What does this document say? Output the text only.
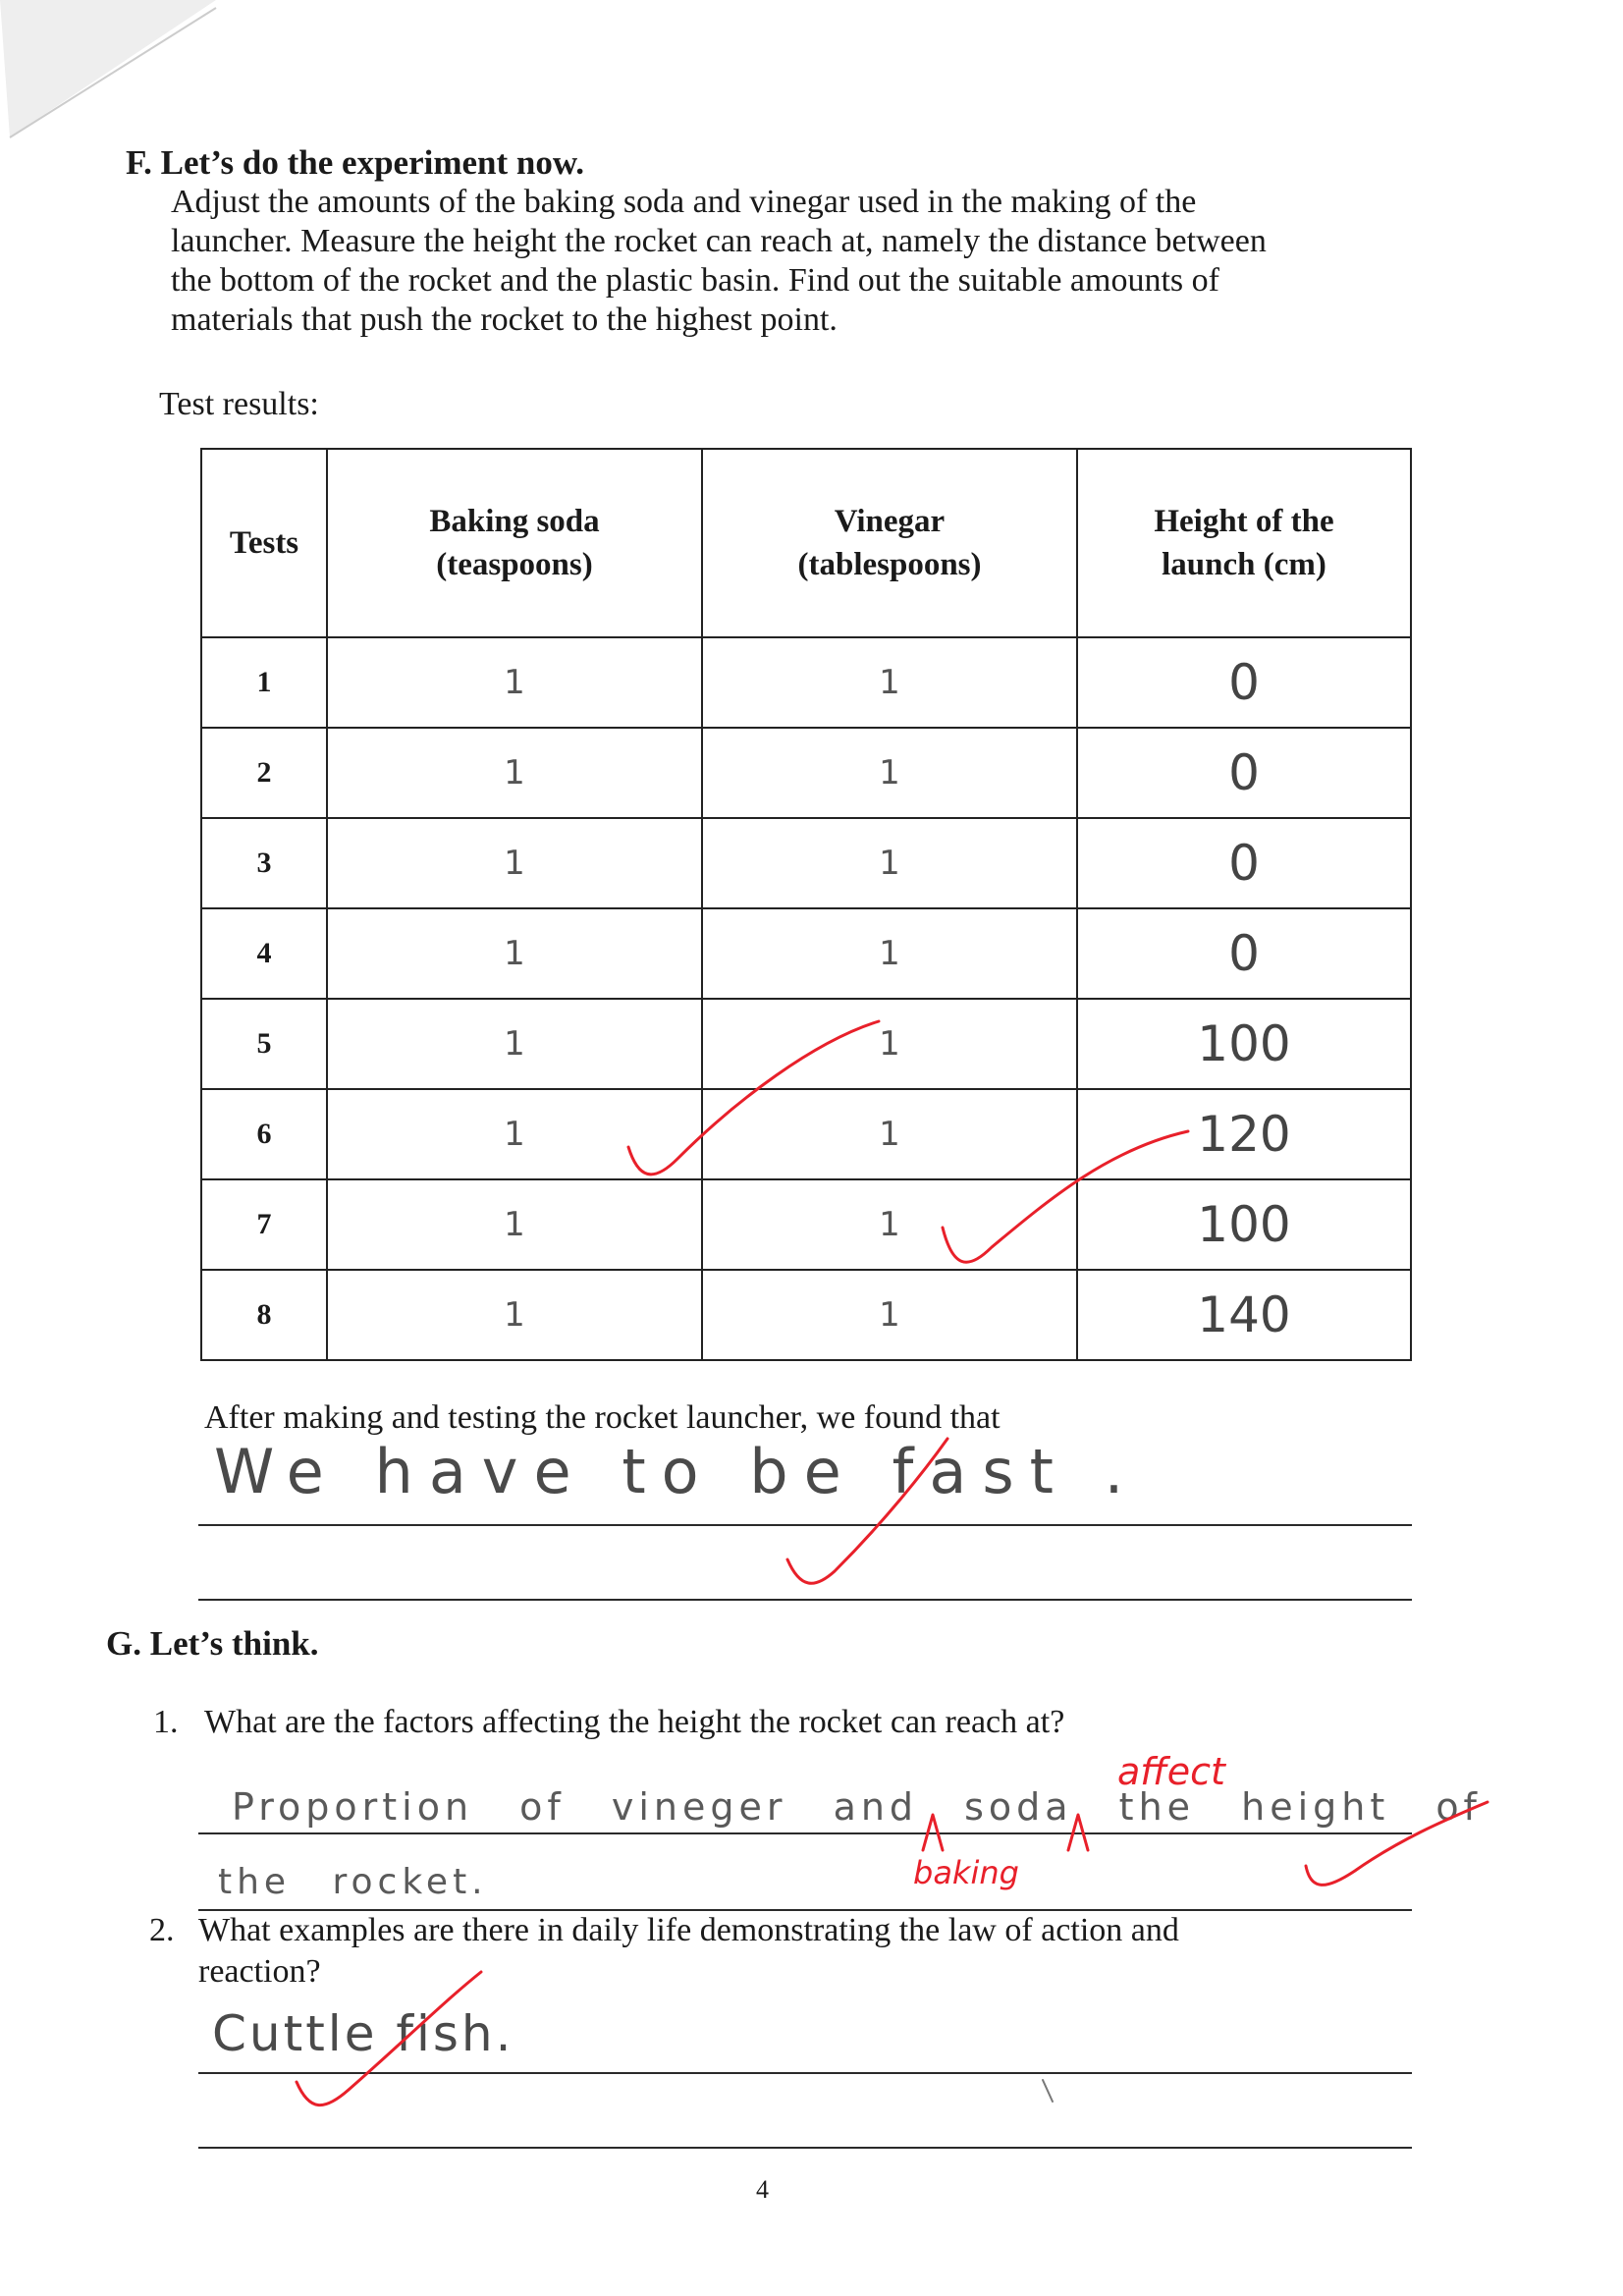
F. Let’s do the experiment now.
Adjust the amounts of the baking soda and vinegar used in the making of the
launcher. Measure the height the rocket can reach at, namely the distance between
the bottom of the rocket and the plastic basin. Find out the suitable amounts of
materials that push the rocket to the highest point.
Test results:
Tests	Baking soda (teaspoons)	Vinegar (tablespoons)	Height of the launch (cm)
1	1	1	0
2	1	1	0
3	1	1	0
4	1	1	0
5	1	1	100
6	1	1	120
7	1	1	100
8	1	1	140
After making and testing the rocket launcher, we found that
We have to be fast .
G. Let’s think.
1. What are the factors affecting the height the rocket can reach at?
affect
Proportion of vineger and soda the height of
the rocket.	baking
2. What examples are there in daily life demonstrating the law of action and
reaction?
Cuttle fish.
4
